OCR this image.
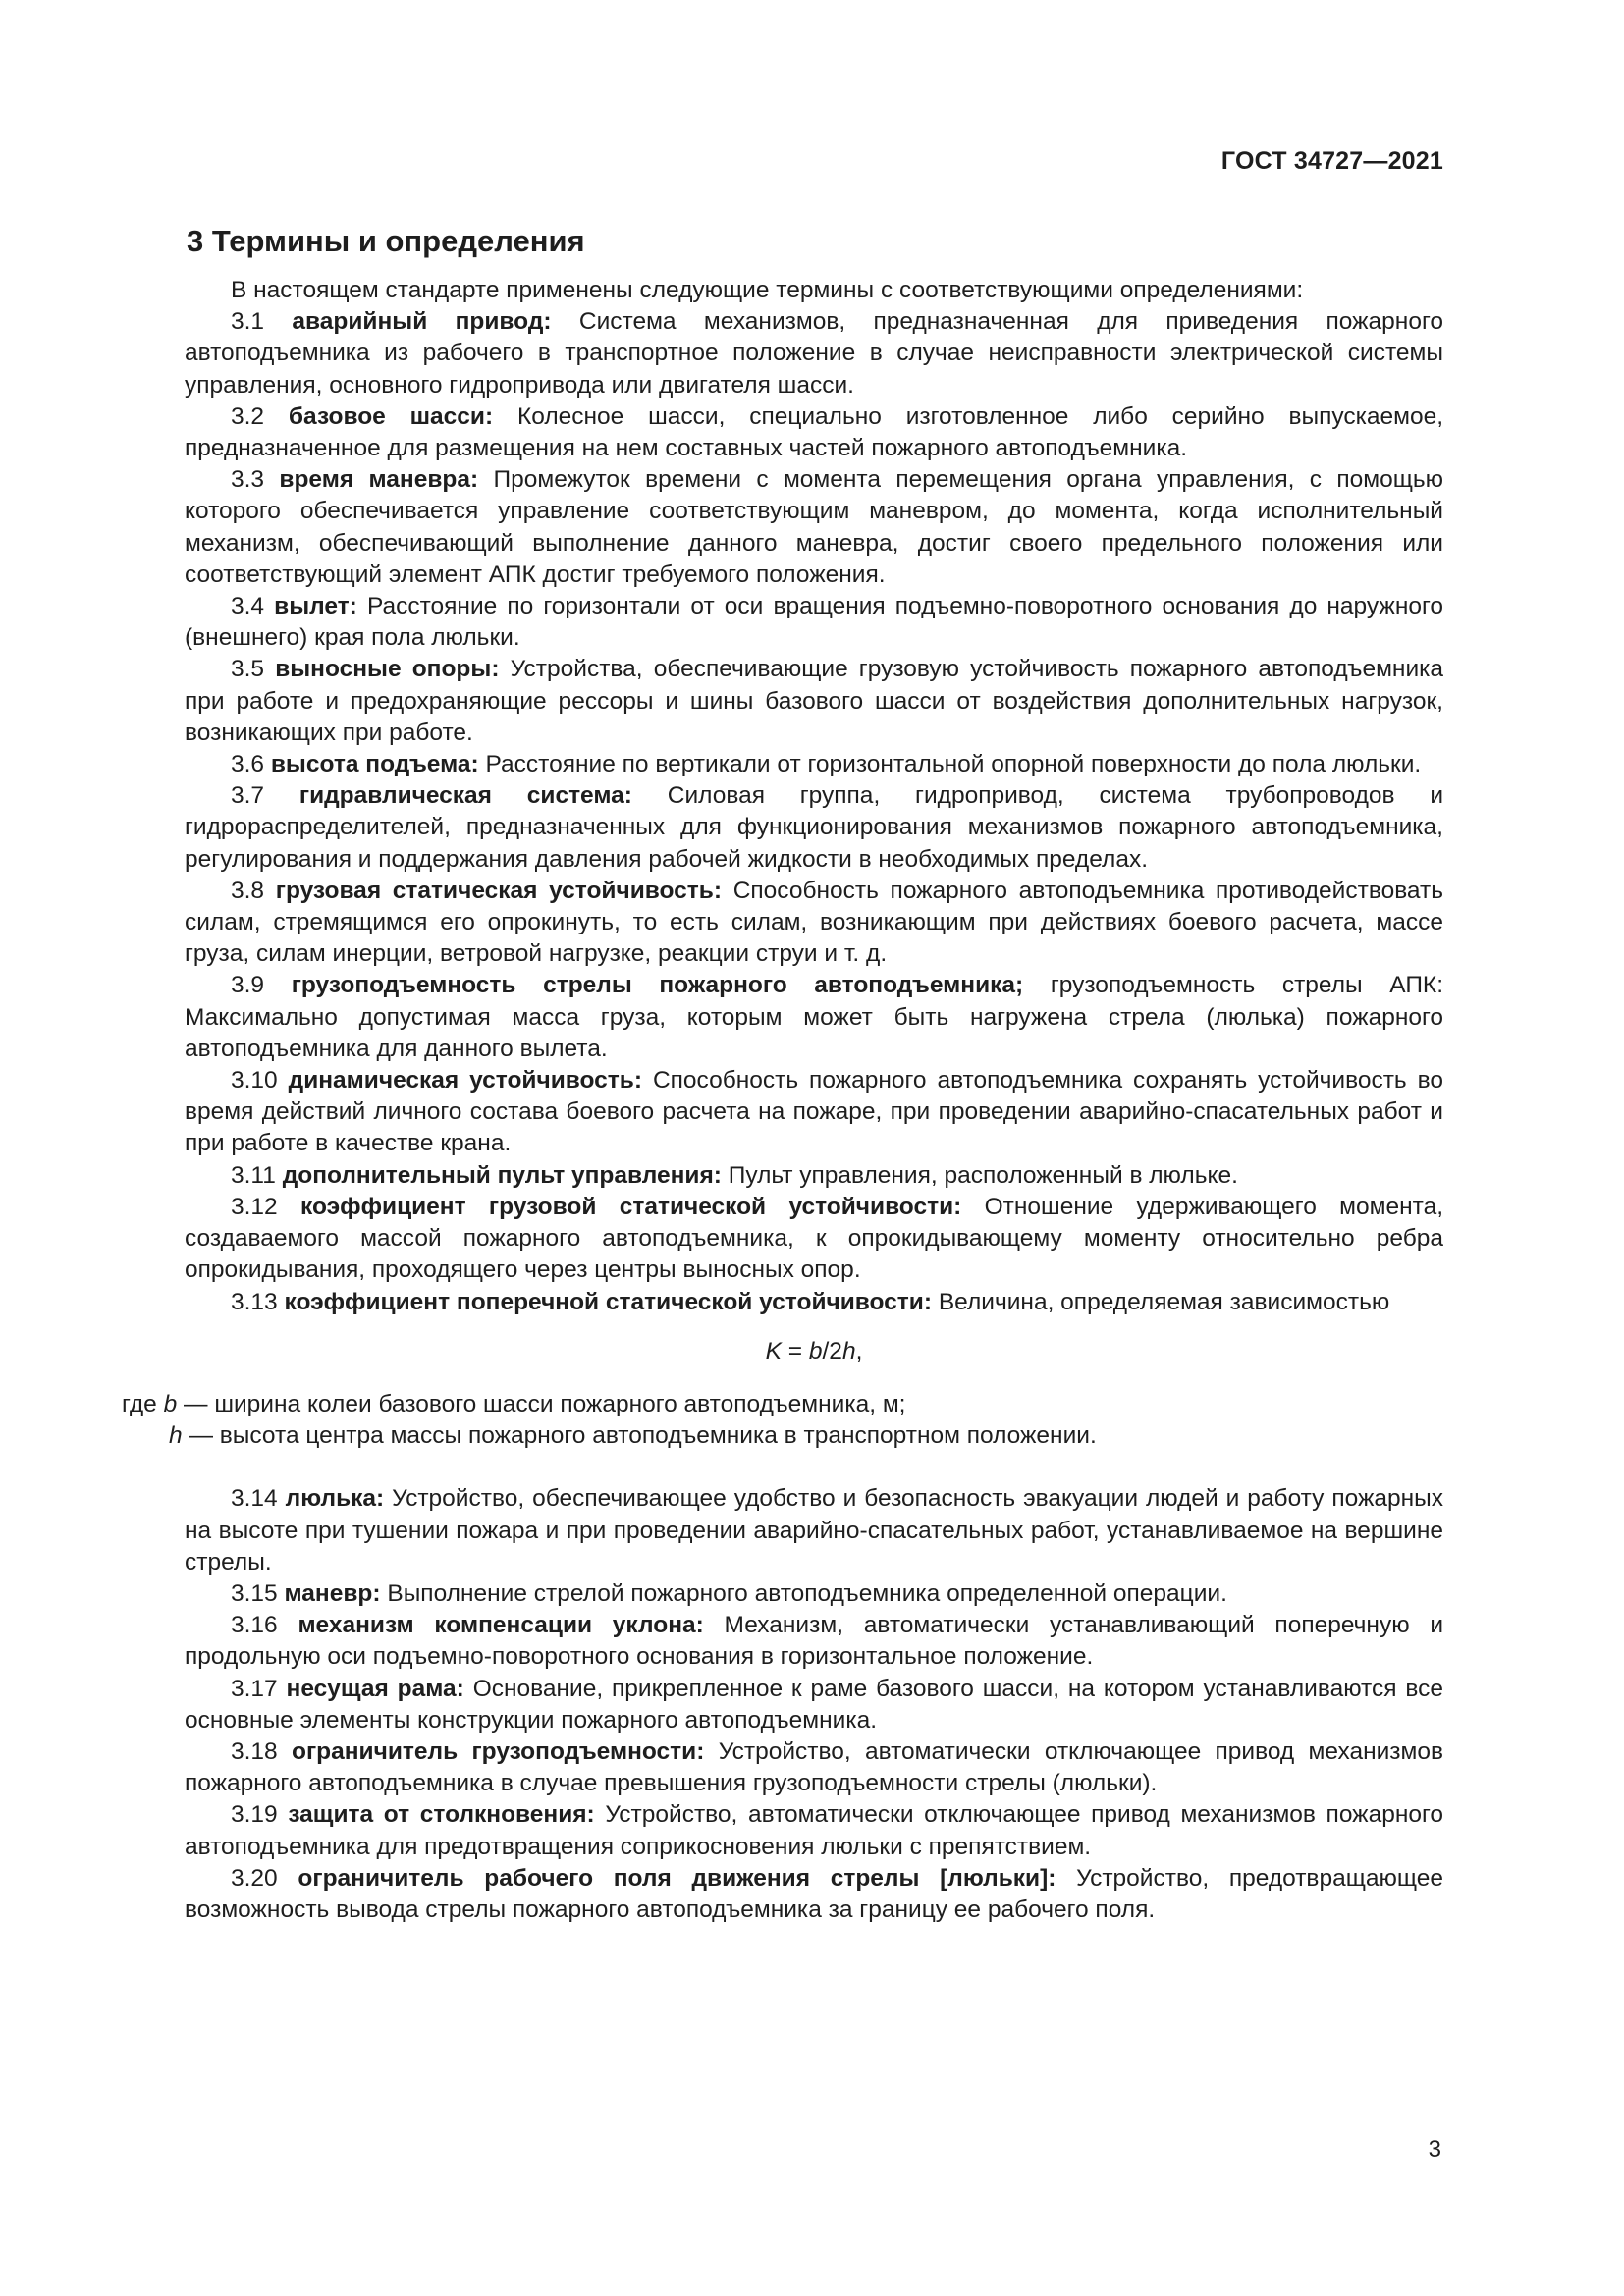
ГОСТ 34727—2021
3 Термины и определения

В настоящем стандарте применены следующие термины с соответствующими определениями:

3.1 аварийный привод: Система механизмов, предназначенная для приведения пожарного автоподъемника из рабочего в транспортное положение в случае неисправности электрической системы управления, основного гидропривода или двигателя шасси.

3.2 базовое шасси: Колесное шасси, специально изготовленное либо серийно выпускаемое, предназначенное для размещения на нем составных частей пожарного автоподъемника.

3.3 время маневра: Промежуток времени с момента перемещения органа управления, с помощью которого обеспечивается управление соответствующим маневром, до момента, когда исполнительный механизм, обеспечивающий выполнение данного маневра, достиг своего предельного положения или соответствующий элемент АПК достиг требуемого положения.

3.4 вылет: Расстояние по горизонтали от оси вращения подъемно-поворотного основания до наружного (внешнего) края пола люльки.

3.5 выносные опоры: Устройства, обеспечивающие грузовую устойчивость пожарного автоподъемника при работе и предохраняющие рессоры и шины базового шасси от воздействия дополнительных нагрузок, возникающих при работе.

3.6 высота подъема: Расстояние по вертикали от горизонтальной опорной поверхности до пола люльки.

3.7 гидравлическая система: Силовая группа, гидропривод, система трубопроводов и гидрораспределителей, предназначенных для функционирования механизмов пожарного автоподъемника, регулирования и поддержания давления рабочей жидкости в необходимых пределах.

3.8 грузовая статическая устойчивость: Способность пожарного автоподъемника противодействовать силам, стремящимся его опрокинуть, то есть силам, возникающим при действиях боевого расчета, массе груза, силам инерции, ветровой нагрузке, реакции струи и т. д.

3.9 грузоподъемность стрелы пожарного автоподъемника; грузоподъемность стрелы АПК: Максимально допустимая масса груза, которым может быть нагружена стрела (люлька) пожарного автоподъемника для данного вылета.

3.10 динамическая устойчивость: Способность пожарного автоподъемника сохранять устойчивость во время действий личного состава боевого расчета на пожаре, при проведении аварийно-спасательных работ и при работе в качестве крана.

3.11 дополнительный пульт управления: Пульт управления, расположенный в люльке.

3.12 коэффициент грузовой статической устойчивости: Отношение удерживающего момента, создаваемого массой пожарного автоподъемника, к опрокидывающему моменту относительно ребра опрокидывания, проходящего через центры выносных опор.

3.13 коэффициент поперечной статической устойчивости: Величина, определяемая зависимостью

K = b/2h,

где b — ширина колеи базового шасси пожарного автоподъемника, м;

h — высота центра массы пожарного автоподъемника в транспортном положении.

3.14 люлька: Устройство, обеспечивающее удобство и безопасность эвакуации людей и работу пожарных на высоте при тушении пожара и при проведении аварийно-спасательных работ, устанавливаемое на вершине стрелы.

3.15 маневр: Выполнение стрелой пожарного автоподъемника определенной операции.

3.16 механизм компенсации уклона: Механизм, автоматически устанавливающий поперечную и продольную оси подъемно-поворотного основания в горизонтальное положение.

3.17 несущая рама: Основание, прикрепленное к раме базового шасси, на котором устанавливаются все основные элементы конструкции пожарного автоподъемника.

3.18 ограничитель грузоподъемности: Устройство, автоматически отключающее привод механизмов пожарного автоподъемника в случае превышения грузоподъемности стрелы (люльки).

3.19 защита от столкновения: Устройство, автоматически отключающее привод механизмов пожарного автоподъемника для предотвращения соприкосновения люльки с препятствием.

3.20 ограничитель рабочего поля движения стрелы [люльки]: Устройство, предотвращающее возможность вывода стрелы пожарного автоподъемника за границу ее рабочего поля.

3
